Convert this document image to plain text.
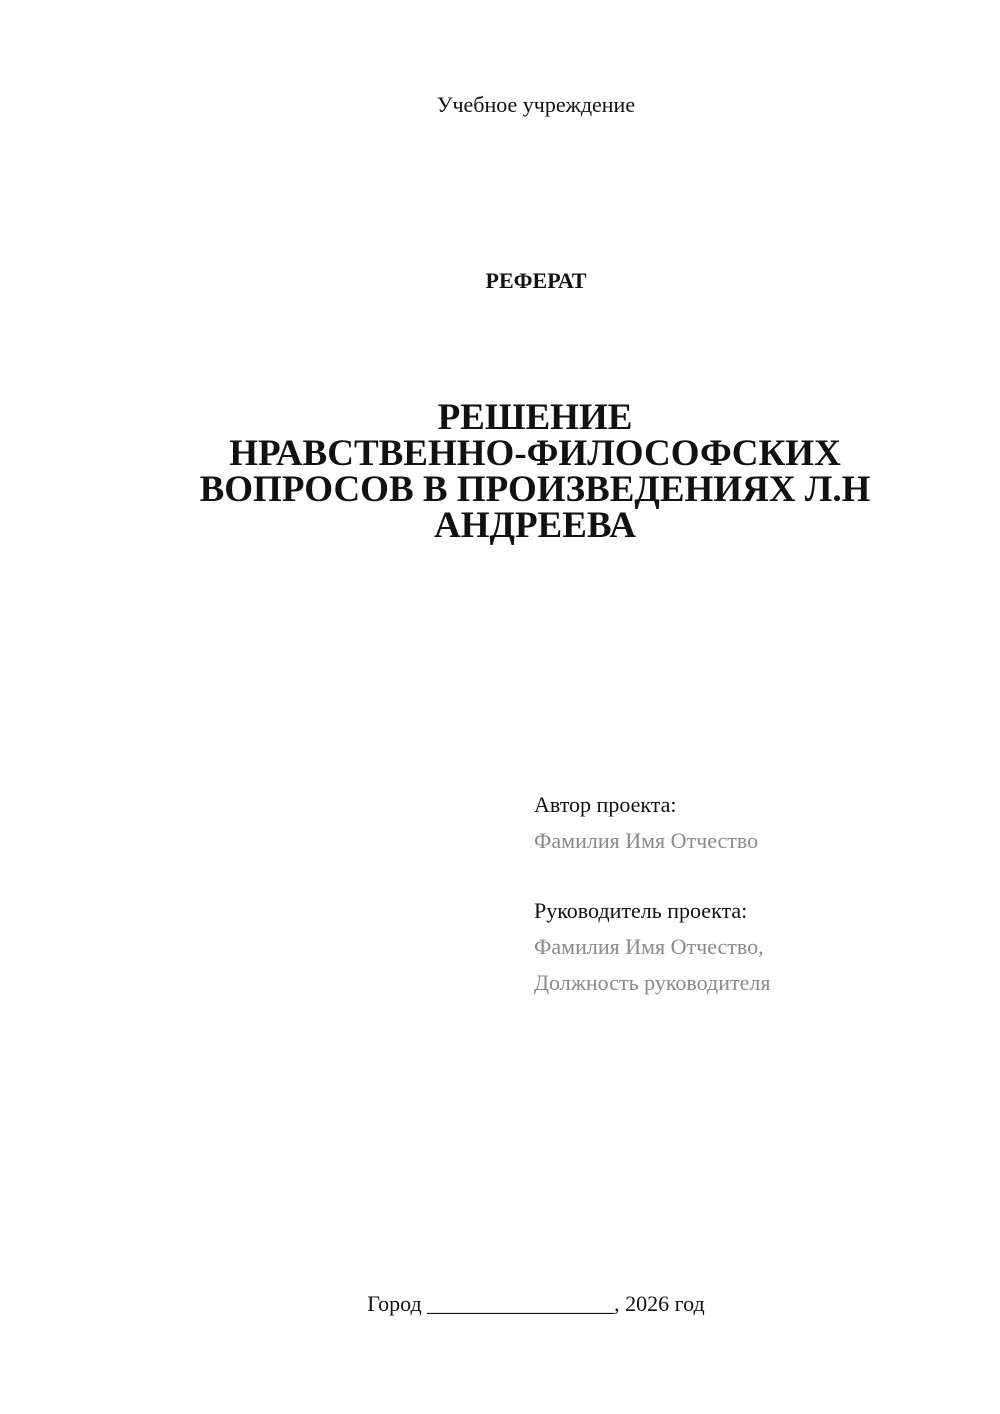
Учебное учреждение
РЕФЕРАТ
РЕШЕНИЕ
НРАВСТВЕННО-ФИЛОСОФСКИХ
ВОПРОСОВ В ПРОИЗВЕДЕНИЯХ Л.Н
АНДРЕЕВА
Автор проекта:
Фамилия Имя Отчество
Руководитель проекта:
Фамилия Имя Отчество,
Должность руководителя
Город _________________, 2026 год
